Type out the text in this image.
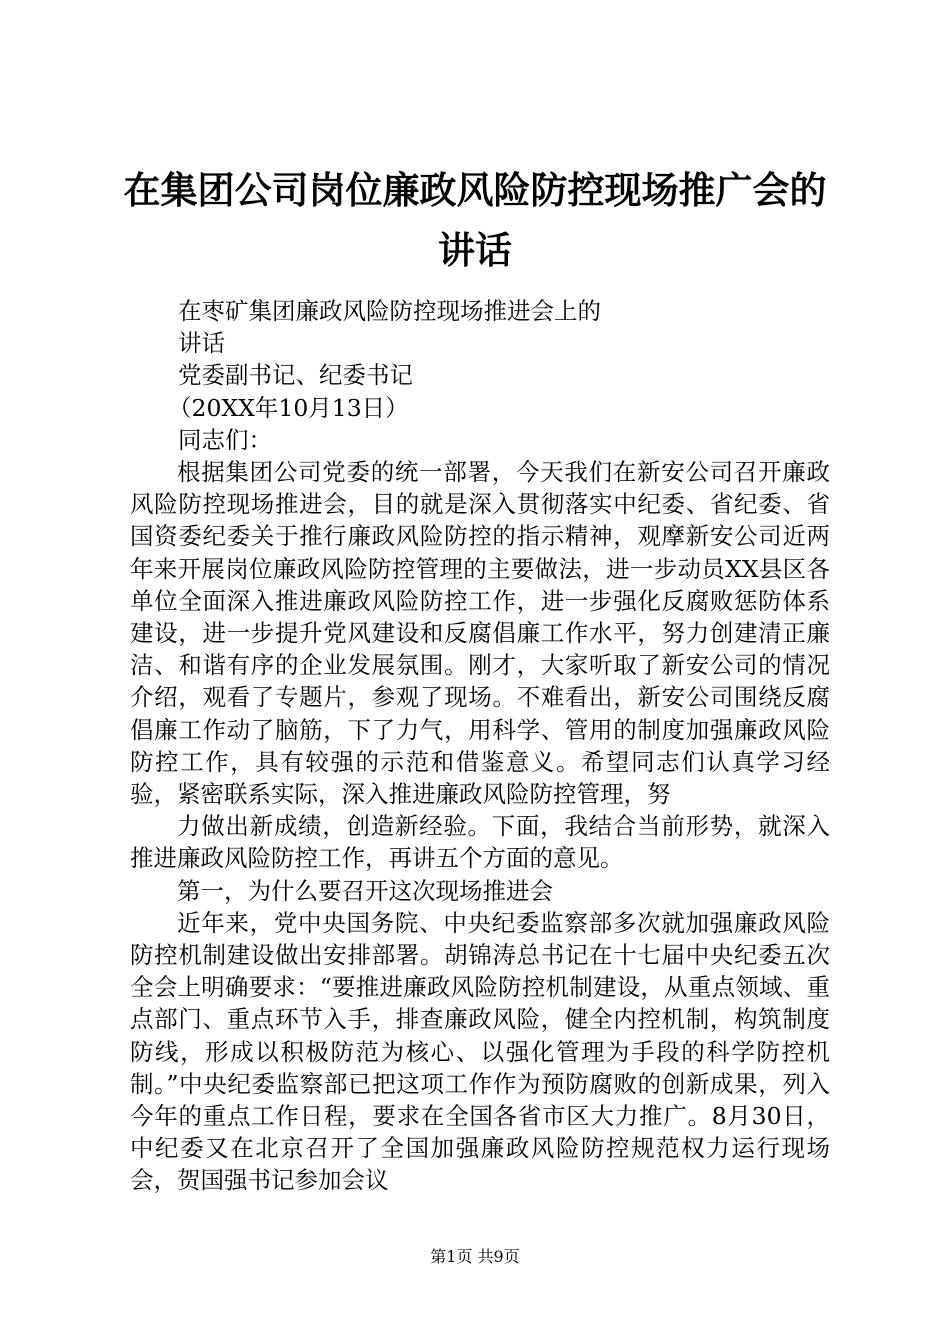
在集团公司岗位廉政风险防控现场推广会的讲话

在枣矿集团廉政风险防控现场推进会上的

讲话

党委副书记、纪委书记

（20XX年10月13日）

同志们：

根据集团公司党委的统一部署，今天我们在新安公司召开廉政风险防控现场推进会，目的就是深入贯彻落实中纪委、省纪委、省国资委纪委关于推行廉政风险防控的指示精神，观摩新安公司近两年来开展岗位廉政风险防控管理的主要做法，进一步动员XX县区各单位全面深入推进廉政风险防控工作，进一步强化反腐败惩防体系建设，进一步提升党风建设和反腐倡廉工作水平，努力创建清正廉洁、和谐有序的企业发展氛围。刚才，大家听取了新安公司的情况介绍，观看了专题片，参观了现场。不难看出，新安公司围绕反腐倡廉工作动了脑筋，下了力气，用科学、管用的制度加强廉政风险防控工作，具有较强的示范和借鉴意义。希望同志们认真学习经验，紧密联系实际，深入推进廉政风险防控管理，努

力做出新成绩，创造新经验。下面，我结合当前形势，就深入推进廉政风险防控工作，再讲五个方面的意见。

第一，为什么要召开这次现场推进会

近年来，党中央国务院、中央纪委监察部多次就加强廉政风险防控机制建设做出安排部署。胡锦涛总书记在十七届中央纪委五次全会上明确要求：“要推进廉政风险防控机制建设，从重点领域、重点部门、重点环节入手，排查廉政风险，健全内控机制，构筑制度防线，形成以积极防范为核心、以强化管理为手段的科学防控机制。”中央纪委监察部已把这项工作作为预防腐败的创新成果，列入今年的重点工作日程，要求在全国各省市区大力推广。8月30日，中纪委又在北京召开了全国加强廉政风险防控规范权力运行现场会，贺国强书记参加会议

第1页 共9页
